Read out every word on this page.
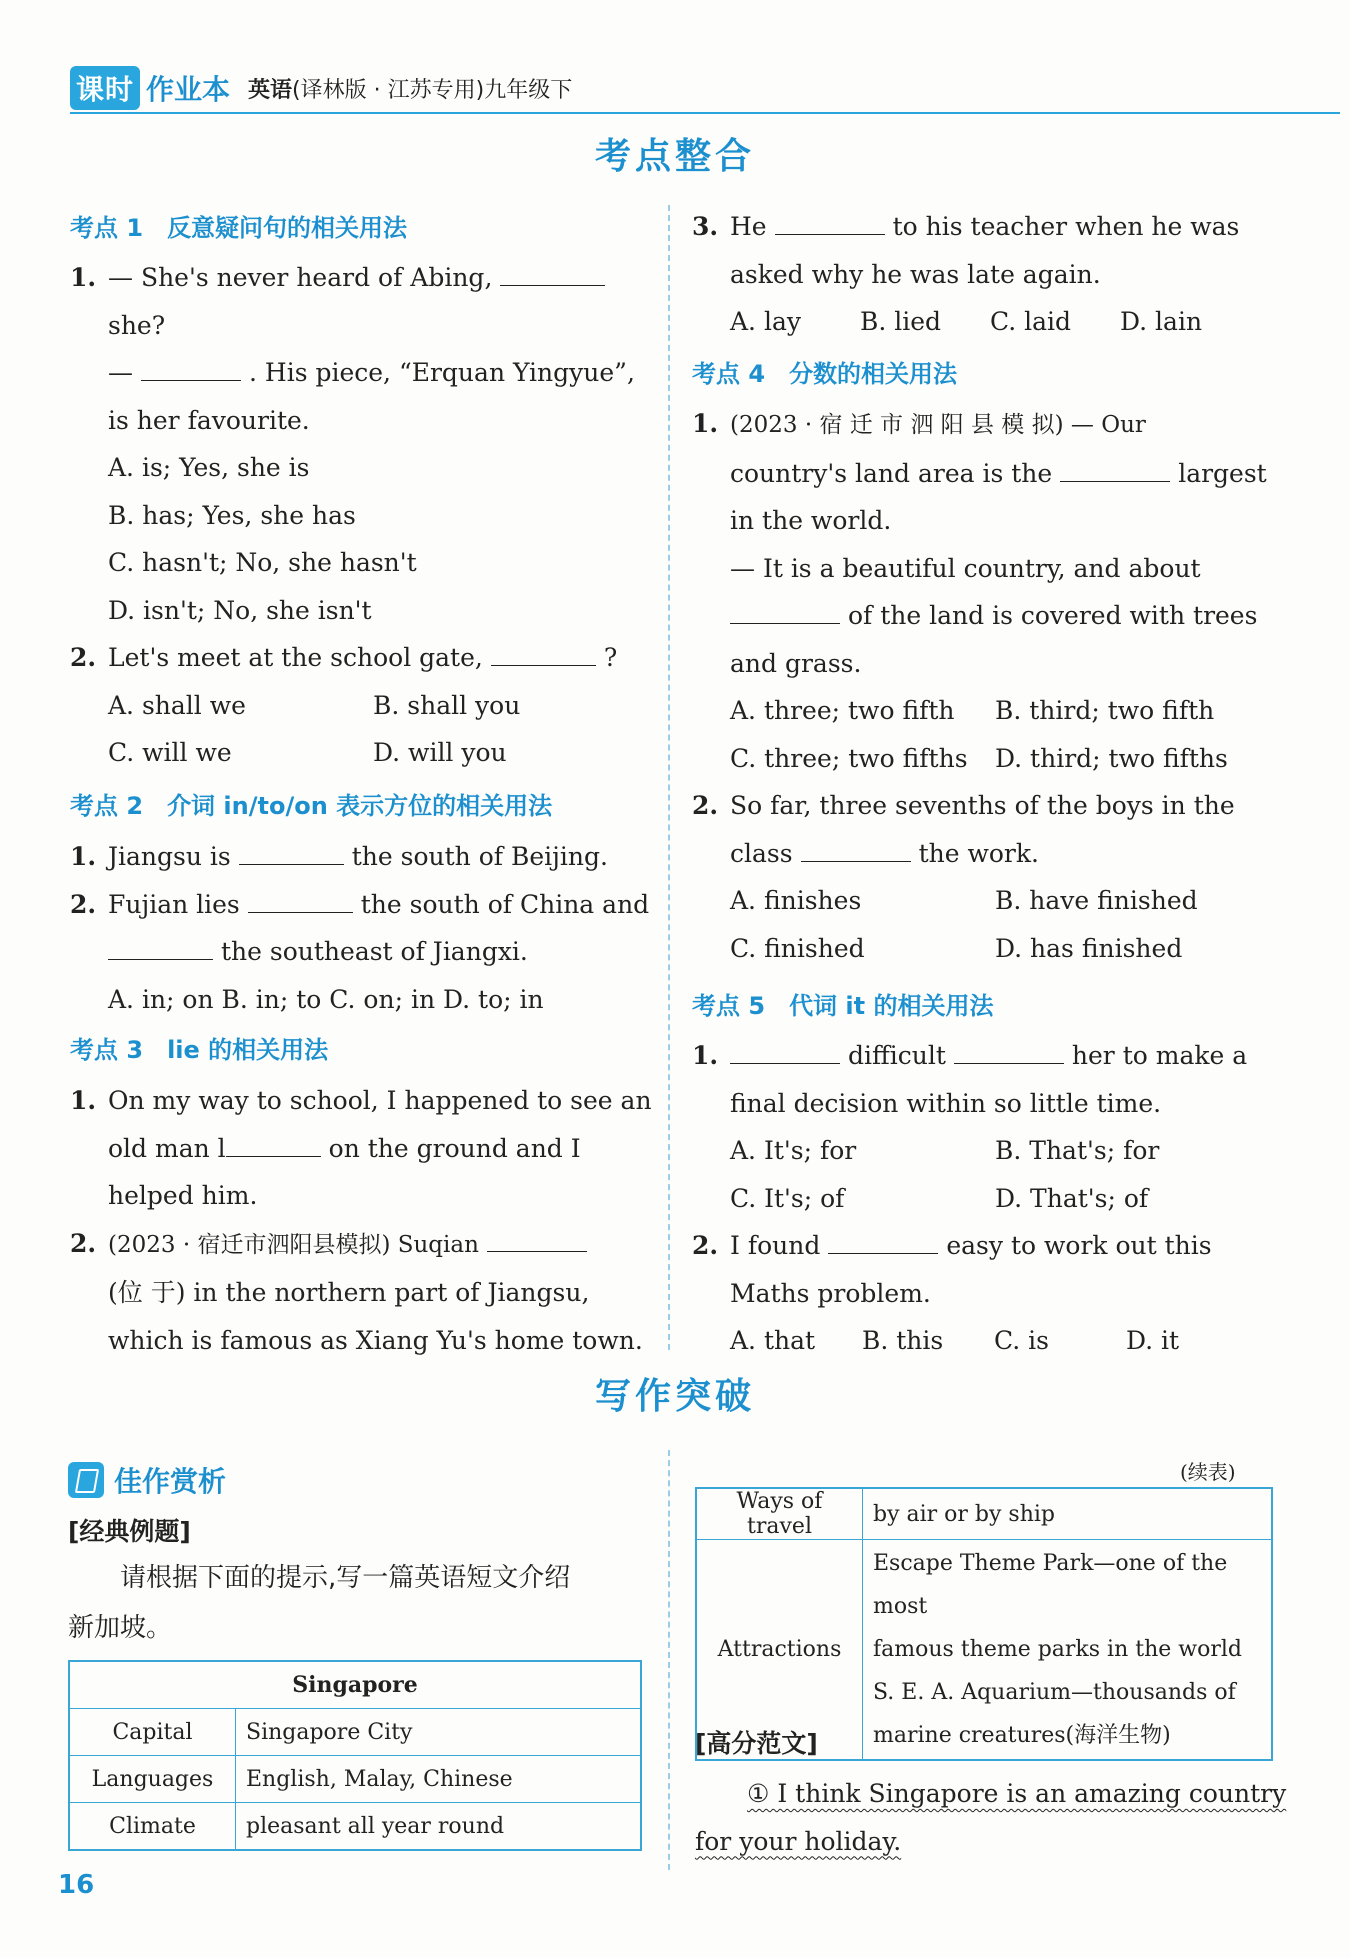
课时 作业本 英语(译林版 · 江苏专用)九年级下
考点整合
考点 1 反意疑问句的相关用法
1. — She's never heard of Abing,
she?
—	. His piece, “Erquan Yingyue”,
is her favourite.
A. is; Yes, she is
B. has; Yes, she has
C. hasn't; No, she hasn't
D. isn't; No, she isn't
2. Let's meet at the school gate,	?
A. shall we	B. shall you
C. will we	D. will you
考点 2 介词 in/to/on 表示方位的相关用法
1. Jiangsu is	the south of Beijing.
2. Fujian lies	the south of China and
the southeast of Jiangxi.
A. in; on B. in; to C. on; in D. to; in
考点 3 lie 的相关用法
1. On my way to school, I happened to see an
old man l	on the ground and I
helped him.
2. (2023 · 宿迁市泗阳县模拟) Suqian
(位 于) in the northern part of Jiangsu,
which is famous as Xiang Yu's home town.
3. He	to his teacher when he was
asked why he was late again.
A. lay	B. lied	C. laid	D. lain
考点 4 分数的相关用法
1. (2023 · 宿 迁 市 泗 阳 县 模 拟) — Our
country's land area is the	largest
in the world.
— It is a beautiful country, and about
of the land is covered with trees
and grass.
A. three; two fifth	B. third; two fifth
C. three; two fifths	D. third; two fifths
2. So far, three sevenths of the boys in the
class	the work.
A. finishes	B. have finished
C. finished	D. has finished
考点 5 代词 it 的相关用法
1.	difficult	her to make a
final decision within so little time.
A. It's; for	B. That's; for
C. It's; of	D. That's; of
2. I found	easy to work out this
Maths problem.
A. that	B. this	C. is	D. it
写作突破
佳作赏析
[经典例题]
请根据下面的提示,写一篇英语短文介绍
新加坡。
Singapore	
Capital	Singapore City
Languages	English, Malay, Chinese
Climate	pleasant all year round
(续表)
Ways of travel	by air or by ship
Attractions	Escape Theme Park—one of the most
famous theme parks in the world
S. E. A. Aquarium—thousands of
marine creatures(海洋生物)
[高分范文]
① I think Singapore is an amazing country
for your holiday.
16
